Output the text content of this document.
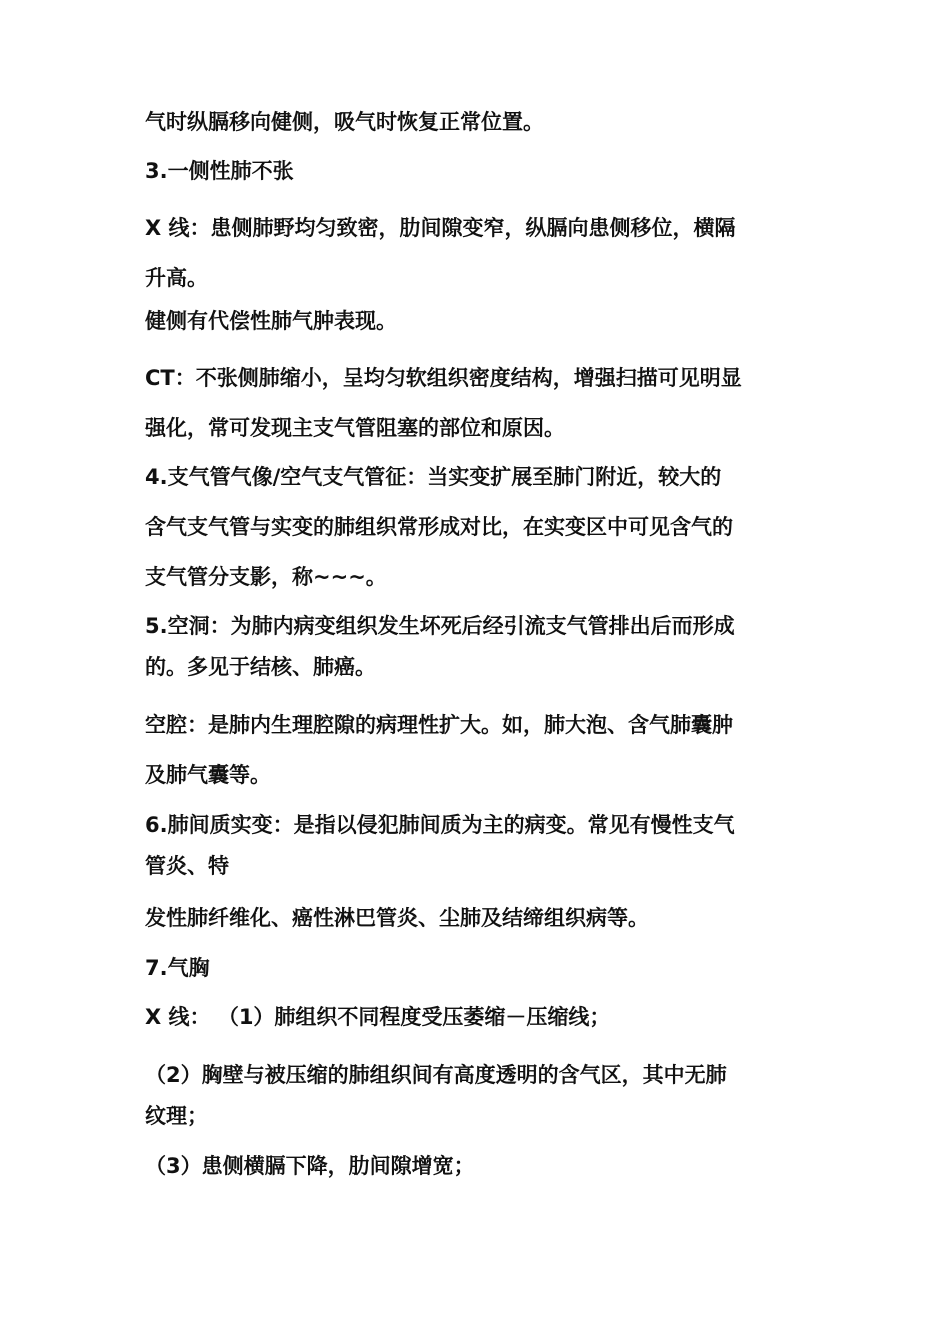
气时纵膈移向健侧，吸气时恢复正常位置。
3.一侧性肺不张
X 线：患侧肺野均匀致密，肋间隙变窄，纵膈向患侧移位，横隔
升高。
健侧有代偿性肺气肿表现。
CT：不张侧肺缩小，呈均匀软组织密度结构，增强扫描可见明显
强化，常可发现主支气管阻塞的部位和原因。
4.支气管气像/空气支气管征：当实变扩展至肺门附近，较大的
含气支气管与实变的肺组织常形成对比，在实变区中可见含气的
支气管分支影，称~~~。
5.空洞：为肺内病变组织发生坏死后经引流支气管排出后而形成
的。多见于结核、肺癌。
空腔：是肺内生理腔隙的病理性扩大。如，肺大泡、含气肺囊肿
及肺气囊等。
6.肺间质实变：是指以侵犯肺间质为主的病变。常见有慢性支气
管炎、特
发性肺纤维化、癌性淋巴管炎、尘肺及结缔组织病等。
7.气胸
X 线： （1）肺组织不同程度受压萎缩－压缩线；
（2）胸壁与被压缩的肺组织间有高度透明的含气区，其中无肺
纹理；
（3）患侧横膈下降，肋间隙增宽；
